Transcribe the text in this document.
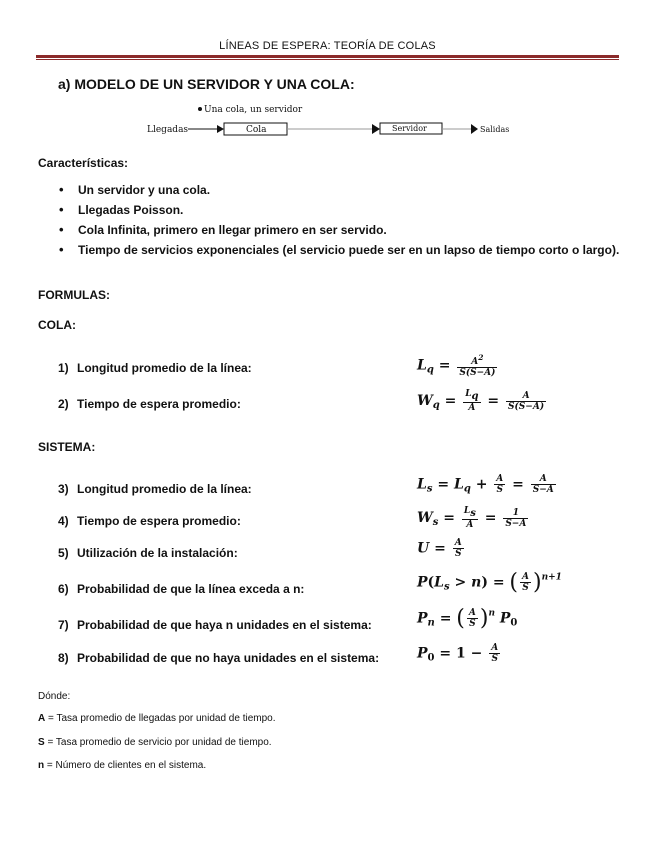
LÍNEAS DE ESPERA: TEORÍA DE COLAS
a) MODELO DE UN SERVIDOR Y UNA COLA:
Una cola, un servidor
Llegadas	Cola	Servidor	Salidas
Características:
• Un servidor y una cola.
• Llegadas Poisson.
• Cola Infinita, primero en llegar primero en ser servido.
• Tiempo de servicios exponenciales (el servicio puede ser en un lapso de tiempo corto o largo).
FORMULAS:
COLA:
1) Longitud promedio de la línea:	$L_q = \frac{A^2}{S(S-A)}$
2) Tiempo de espera promedio:	$W_q = \frac{Lq}{A} = \frac{A}{S(S-A)}$
SISTEMA:
3) Longitud promedio de la línea:	$L_s = L_q + \frac{A}{S} = \frac{A}{S-A}$
4) Tiempo de espera promedio:	$W_s = \frac{Ls}{A} = \frac{1}{S-A}$
5) Utilización de la instalación:	$U = \frac{A}{S}$
6) Probabilidad de que la línea exceda a n:	$P(L_s > n)$ = ( $\frac{A}{S} )^{n+1}$
7) Probabilidad de que haya n unidades en el sistema:	$P_n$ = ( $\frac{A}{S} )^n$ $P_0$
8) Probabilidad de que no haya unidades en el sistema:	$P_0 = 1 - \frac{A}{S}$
Dónde:
A = Tasa promedio de llegadas por unidad de tiempo.
S = Tasa promedio de servicio por unidad de tiempo.
n = Número de clientes en el sistema.
